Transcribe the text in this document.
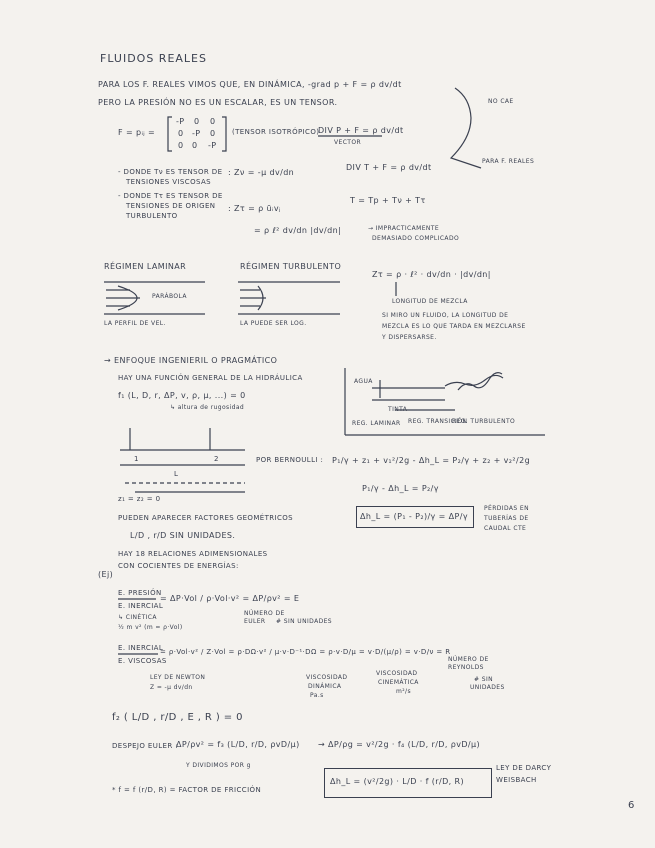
FLUIDOS REALES
6
PARA LOS F. REALES VIMOS QUE, EN DINÁMICA, -grad p + F = ρ dv/dt
PERO LA PRESIÓN NO ES UN ESCALAR, ES UN TENSOR.	NO CAE
F = pᵢⱼ =
-P 0 0
0 -P 0
0 0 -P
(TENSOR ISOTRÓPICO)
DIV P + F = ρ dv/dt
VECTOR
PARA F. REALES
- DONDE Tν ES TENSOR DE
TENSIONES VISCOSAS
: Zν = -μ dv/dn
DIV T + F = ρ dv/dt
- DONDE Tτ ES TENSOR DE
TENSIONES DE ORIGEN
TURBULENTO
: Zτ = ρ ūᵢvⱼ
T = Tp + Tν + Tτ
= ρ ℓ² dv/dn |dv/dn|	→ IMPRACTICAMENTE
DEMASIADO COMPLICADO
RÉGIMEN LAMINAR	RÉGIMEN TURBULENTO
PARÁBOLA
LA PERFIL DE VEL.	LA PUEDE SER LOG.
Zτ = ρ · ℓ² · dv/dn · |dv/dn|
LONGITUD DE MEZCLA
SI MIRO UN FLUIDO, LA LONGITUD DE
MEZCLA ES LO QUE TARDA EN MEZCLARSE
Y DISPERSARSE.
→ ENFOQUE INGENIERIL O PRAGMÁTICO
HAY UNA FUNCIÓN GENERAL DE LA HIDRÁULICA
f₁ (L, D, r, ΔP, v, ρ, μ, ...) = 0
↳ altura de rugosidad
AGUA
TINTA
REG. LAMINAR REG. TRANSICIÓN
REG. TURBULENTO
L
1	2
z₁ = z₂ = 0
POR BERNOULLI : P₁/γ + z₁ + v₁²/2g - Δh_L = P₂/γ + z₂ + v₂²/2g
P₁/γ - Δh_L = P₂/γ
Δh_L = (P₁ - P₂)/γ = ΔP/γ
PÉRDIDAS EN
TUBERÍAS DE
CAUDAL CTE
PUEDEN APARECER FACTORES GEOMÉTRICOS
L/D , r/D SIN UNIDADES.
HAY 18 RELACIONES ADIMENSIONALES
CON COCIENTES DE ENERGÍAS:
(Ej)
E. PRESIÓN
E. INERCIAL
= ΔP·Vol / ρ·Vol·v² = ΔP/ρv² = E
↳ CINÉTICA
½ m v² (m = ρ·Vol)
NÚMERO DE
EULER # SIN UNIDADES
E. INERCIAL
E. VISCOSAS
= ρ·Vol·v² / Z·Vol = ρ·DΩ·v² / μ·v·D⁻¹·DΩ = ρ·v·D/μ = v·D/(μ/ρ) = v·D/ν = R
LEY DE NEWTON
Z = -μ dv/dn
VISCOSIDAD
DINÁMICA
Pa.s
VISCOSIDAD
CINEMÁTICA
m²/s
NÚMERO DE
REYNOLDS
# SIN
UNIDADES
f₂ ( L/D , r/D , E , R ) = 0
DESPEJO EULER :
ΔP/ρv² = f₃ (L/D, r/D, ρvD/μ) → ΔP/ρg = v²/2g · f₄ (L/D, r/D, ρvD/μ)
Y DIVIDIMOS POR g
Δh_L = (v²/2g) · L/D · f (r/D, R)
LEY DE DARCY
WEISBACH
* f = f (r/D, R) = FACTOR DE FRICCIÓN
